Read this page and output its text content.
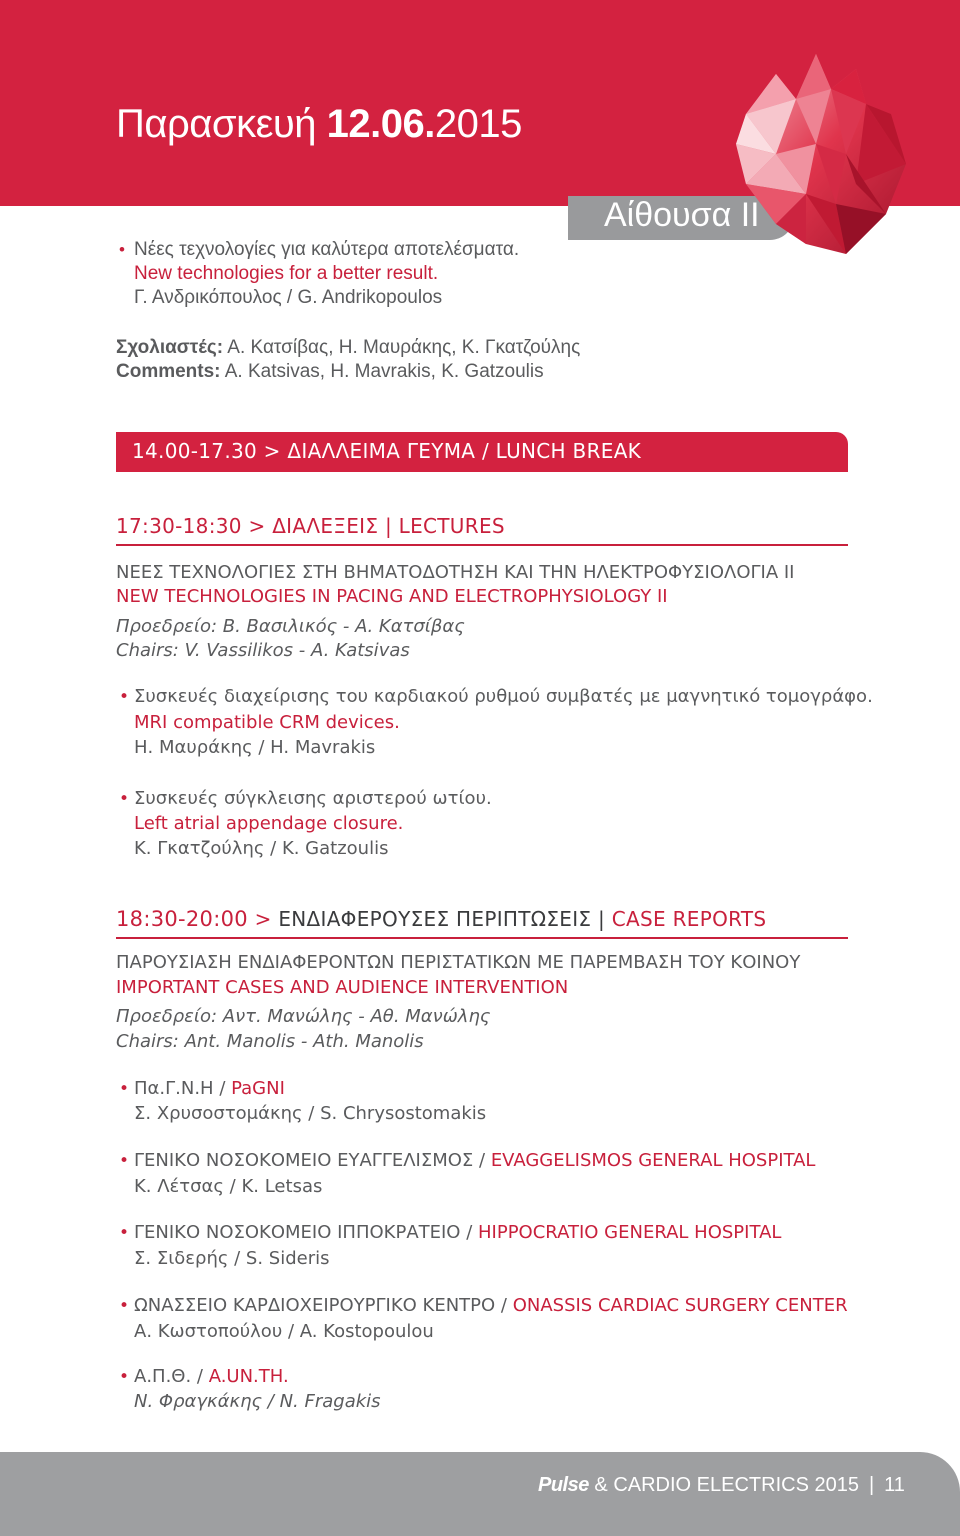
Παρασκευή 12.06.2015
Αίθουσα ΙΙ
• Νέες τεχνολογίες για καλύτερα αποτελέσματα.
New technologies for a better result.
Γ. Ανδρικόπουλος / G. Andrikopoulos
Σχολιαστές: Α. Κατσίβας, Η. Μαυράκης, Κ. Γκατζούλης
Comments: A. Katsivas, H. Mavrakis, K. Gatzoulis
14.00-17.30 > ΔΙΑΛΛΕΙΜΑ ΓΕΥΜΑ / LUNCH BREAK
17:30-18:30 > ΔΙΑΛΕΞΕΙΣ | LECTURES
ΝΕΕΣ ΤΕΧΝΟΛΟΓΙΕΣ ΣΤΗ ΒΗΜΑΤΟΔΟΤΗΣΗ ΚΑΙ ΤΗΝ ΗΛΕΚΤΡΟΦΥΣΙΟΛΟΓΙΑ ΙΙ
NEW TECHNOLOGIES IN PACING AND ELECTROPHYSIOLOGY II
Προεδρείο: Β. Βασιλικός - Α. Κατσίβας
Chairs: V. Vassilikos - A. Katsivas
• Συσκευές διαχείρισης του καρδιακού ρυθμού συμβατές με μαγνητικό τομογράφο.
MRI compatible CRM devices.
Η. Μαυράκης / H. Mavrakis
• Συσκευές σύγκλεισης αριστερού ωτίου.
Left atrial appendage closure.
Κ. Γκατζούλης / K. Gatzoulis
18:30-20:00 > ΕΝΔΙΑΦΕΡΟΥΣΕΣ ΠΕΡΙΠΤΩΣΕΙΣ | CASE REPORTS
ΠΑΡΟΥΣΙΑΣΗ ΕΝΔΙΑΦΕΡΟΝΤΩΝ ΠΕΡΙΣΤΑΤΙΚΩΝ ΜΕ ΠΑΡΕΜΒΑΣΗ ΤΟΥ ΚΟΙΝΟΥ
IMPORTANT CASES AND AUDIENCE INTERVENTION
Προεδρείο: Αντ. Μανώλης - Αθ. Μανώλης
Chairs: Ant. Manolis - Ath. Manolis
• Πα.Γ.Ν.Η / PaGNI
Σ. Χρυσοστομάκης / S. Chrysostomakis
• ΓΕΝΙΚΟ ΝΟΣΟΚΟΜΕΙΟ ΕΥΑΓΓΕΛΙΣΜΟΣ / EVAGGELISMOS GENERAL HOSPITAL
Κ. Λέτσας / K. Letsas
• ΓΕΝΙΚΟ ΝΟΣΟΚΟΜΕΙΟ ΙΠΠΟΚΡΑΤΕΙΟ / HIPPOCRATIO GENERAL HOSPITAL
Σ. Σιδερής / S. Sideris
• ΩΝΑΣΣΕΙΟ ΚΑΡΔΙΟΧΕΙΡΟΥΡΓΙΚΟ ΚΕΝΤΡΟ / ONASSIS CARDIAC SURGERY CENTER
Α. Κωστοπούλου / A. Kostopoulou
• Α.Π.Θ. / A.UN.TH.
Ν. Φραγκάκης / N. Fragakis
Pulse & CARDIO ELECTRICS 2015 | 11
